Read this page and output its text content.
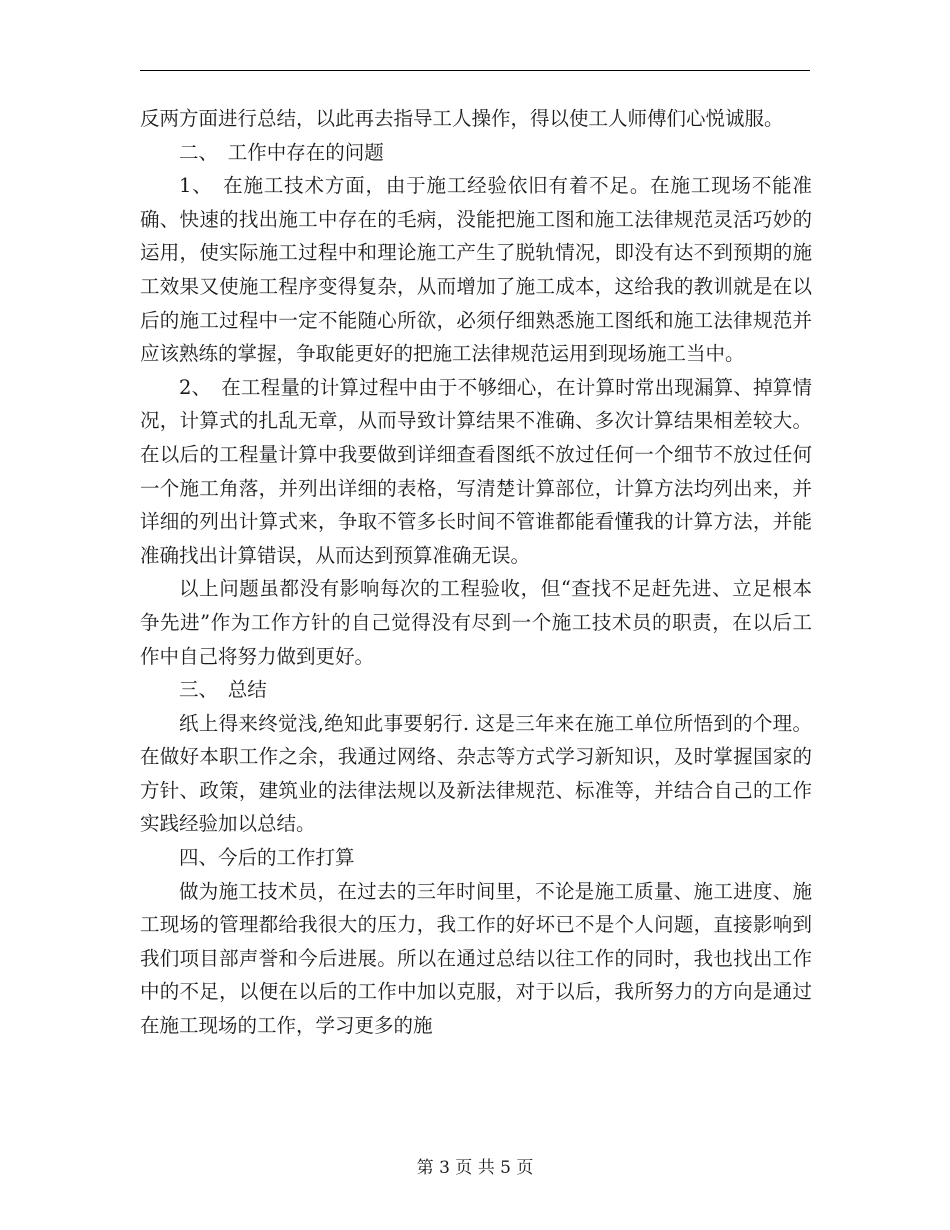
反两方面进行总结，以此再去指导工人操作，得以使工人师傅们心悦诚服。

二、　工作中存在的问题

1、　在施工技术方面，由于施工经验依旧有着不足。在施工现场不能准确、快速的找出施工中存在的毛病，没能把施工图和施工法律规范灵活巧妙的运用，使实际施工过程中和理论施工产生了脱轨情况，即没有达不到预期的施工效果又使施工程序变得复杂，从而增加了施工成本，这给我的教训就是在以后的施工过程中一定不能随心所欲，必须仔细熟悉施工图纸和施工法律规范并应该熟练的掌握，争取能更好的把施工法律规范运用到现场施工当中。

2、　在工程量的计算过程中由于不够细心，在计算时常出现漏算、掉算情况，计算式的扎乱无章，从而导致计算结果不准确、多次计算结果相差较大。在以后的工程量计算中我要做到详细查看图纸不放过任何一个细节不放过任何一个施工角落，并列出详细的表格，写清楚计算部位，计算方法均列出来，并详细的列出计算式来，争取不管多长时间不管谁都能看懂我的计算方法，并能准确找出计算错误，从而达到预算准确无误。

以上问题虽都没有影响每次的工程验收，但“查找不足赶先进、立足根本争先进”作为工作方针的自己觉得没有尽到一个施工技术员的职责，在以后工作中自己将努力做到更好。

三、　总结

纸上得来终觉浅,绝知此事要躬行. 这是三年来在施工单位所悟到的个理。在做好本职工作之余，我通过网络、杂志等方式学习新知识，及时掌握国家的方针、政策，建筑业的法律法规以及新法律规范、标准等，并结合自己的工作实践经验加以总结。

四、今后的工作打算

做为施工技术员，在过去的三年时间里，不论是施工质量、施工进度、施工现场的管理都给我很大的压力，我工作的好坏已不是个人问题，直接影响到我们项目部声誉和今后进展。所以在通过总结以往工作的同时，我也找出工作中的不足，以便在以后的工作中加以克服，对于以后，我所努力的方向是通过在施工现场的工作，学习更多的施

第 3 页 共 5 页
